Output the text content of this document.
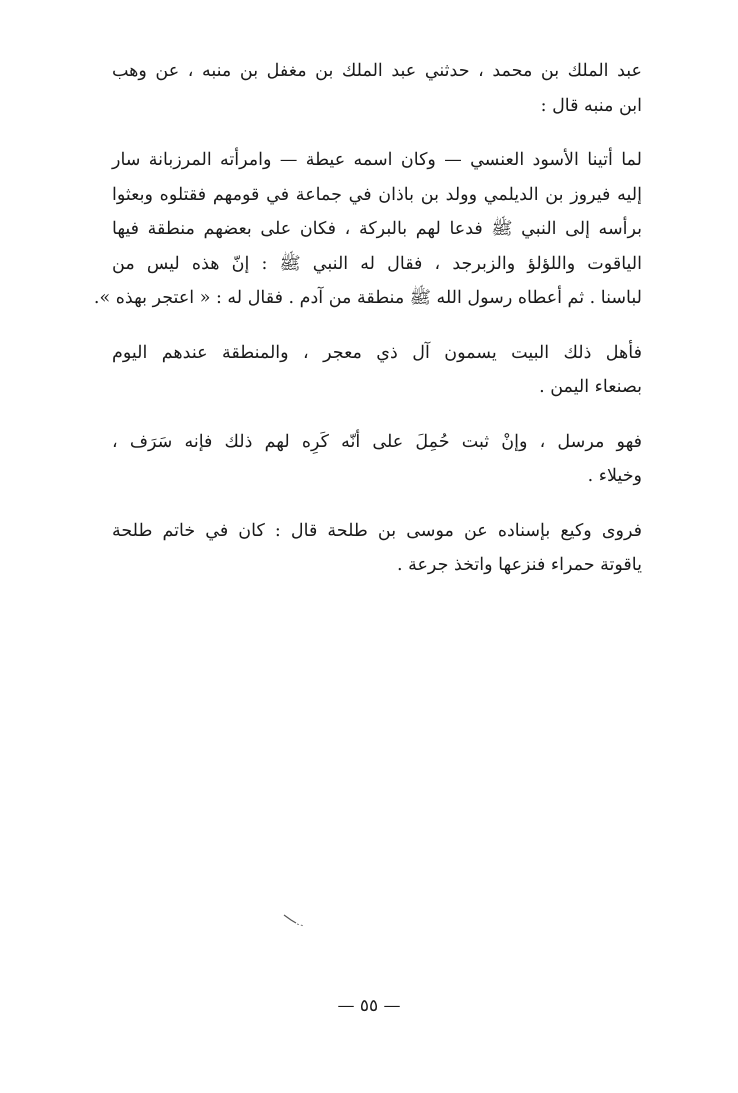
عبد الملك بن محمد ، حدثني عبد الملك بن مغفل بن منبه ، عن وهب
ابن منبه قال :

لما أتينا الأسود العنسي — وكان اسمه عيطة — وامرأته المرزبانة سار
إليه فيروز بن الديلمي وولد بن باذان في جماعة في قومهم فقتلوه وبعثوا
برأسه إلى النبي ﷺ فدعا لهم بالبركة ، فكان على بعضهم منطقة فيها
الياقوت واللؤلؤ والزبرجد ، فقال له النبي ﷺ : إنّ هذه ليس من
لباسنا . ثم أعطاه رسول الله ﷺ منطقة من آدم . فقال له : « اعتجر بهذه ».

فأهل ذلك البيت يسمون آل ذي معجر ، والمنطقة عندهم اليوم
بصنعاء اليمن .

فهو مرسل ، وإنْ ثبت حُمِلَ على أنّه كَرِه لهم ذلك فإنه سَرَف ،
وخيلاء .

فروى وكيع بإسناده عن موسى بن طلحة قال : كان في خاتم طلحة
ياقوتة حمراء فنزعها واتخذ جرعة .

— ٥٥ —
